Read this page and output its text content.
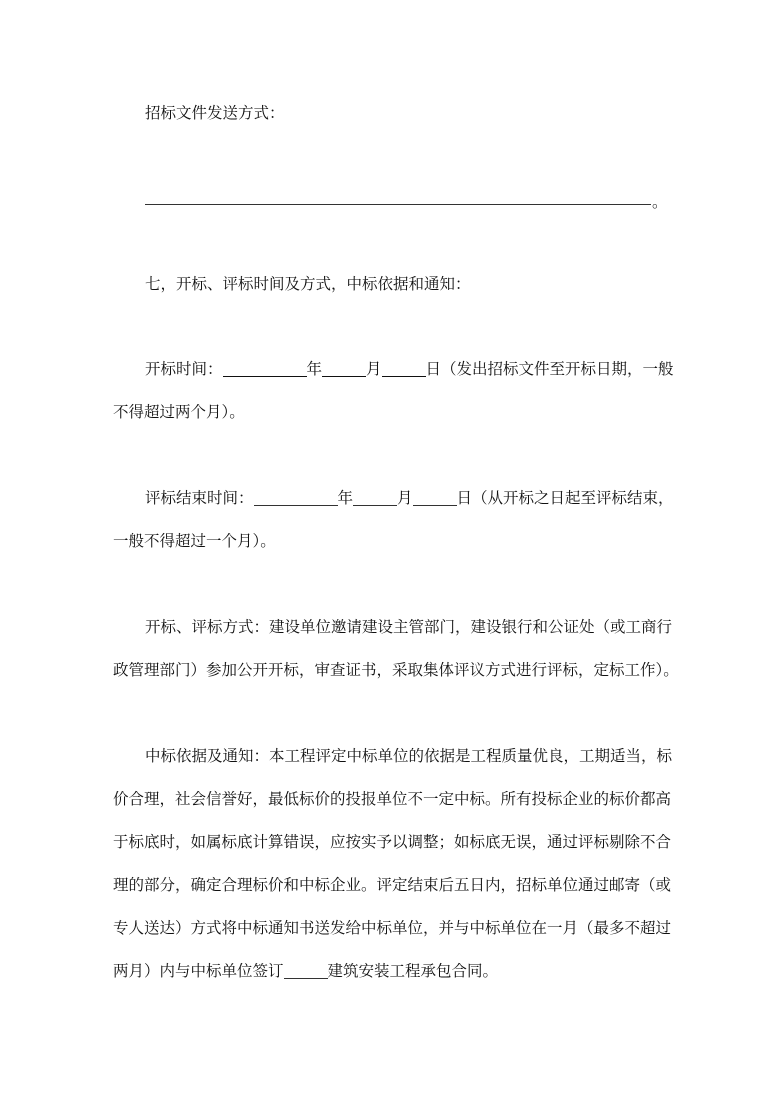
招标文件发送方式：
。
七，开标、评标时间及方式，中标依据和通知：
开标时间：	年	月	日（发出招标文件至开标日期，一般
不得超过两个月）。
评标结束时间：	年	月	日（从开标之日起至评标结束，
一般不得超过一个月）。
开标、评标方式：建设单位邀请建设主管部门，建设银行和公证处（或工商行
政管理部门）参加公开开标，审查证书，采取集体评议方式进行评标，定标工作）。
中标依据及通知：本工程评定中标单位的依据是工程质量优良，工期适当，标
价合理，社会信誉好，最低标价的投报单位不一定中标。所有投标企业的标价都高
于标底时，如属标底计算错误，应按实予以调整；如标底无误，通过评标剔除不合
理的部分，确定合理标价和中标企业。评定结束后五日内，招标单位通过邮寄（或
专人送达）方式将中标通知书送发给中标单位，并与中标单位在一月（最多不超过
两月）内与中标单位签订	建筑安装工程承包合同。
